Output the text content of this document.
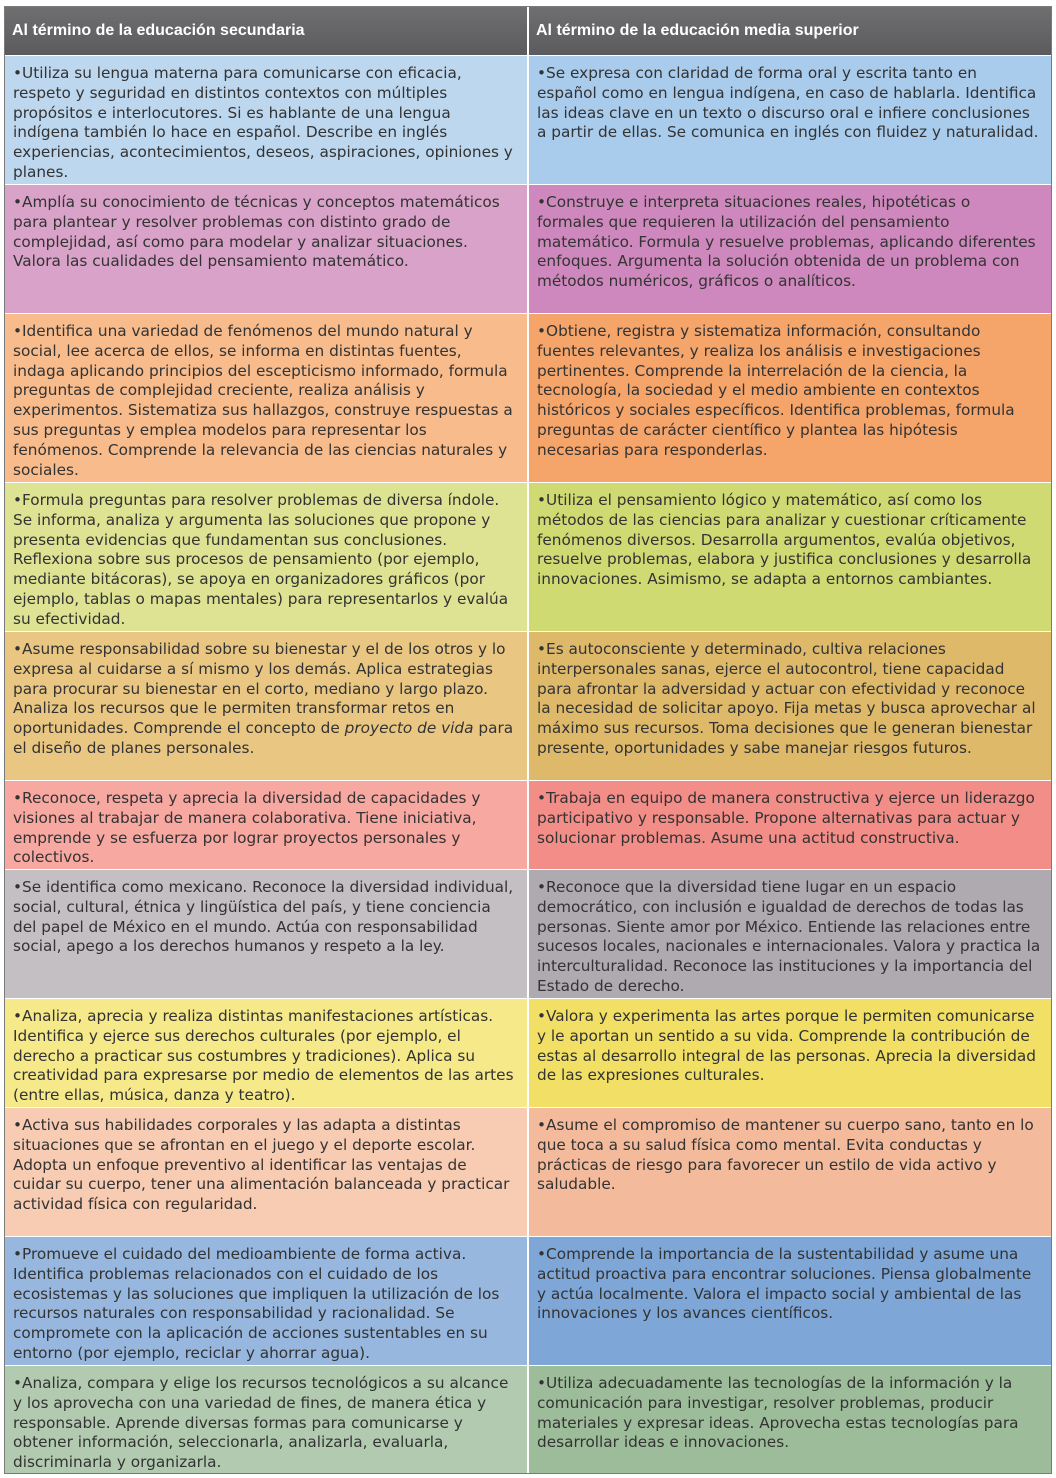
Al término de la educación secundaria	Al término de la educación media superior
•Utiliza su lengua materna para comunicarse con eficacia, respeto y seguridad en distintos contextos con múltiples propósitos e interlocutores. Si es hablante de una lengua indígena también lo hace en español. Describe en inglés experiencias, acontecimientos, deseos, aspiraciones, opiniones y planes.
•Se expresa con claridad de forma oral y escrita tanto en español como en lengua indígena, en caso de hablarla. Identifica las ideas clave en un texto o discurso oral e infiere conclusiones a partir de ellas. Se comunica en inglés con fluidez y naturalidad.
•Amplía su conocimiento de técnicas y conceptos matemáticos para plantear y resolver problemas con distinto grado de complejidad, así como para modelar y analizar situaciones. Valora las cualidades del pensamiento matemático.
•Construye e interpreta situaciones reales, hipotéticas o formales que requieren la utilización del pensamiento matemático. Formula y resuelve problemas, aplicando diferentes enfoques. Argumenta la solución obtenida de un problema con métodos numéricos, gráficos o analíticos.
•Identifica una variedad de fenómenos del mundo natural y social, lee acerca de ellos, se informa en distintas fuentes, indaga aplicando principios del escepticismo informado, formula preguntas de complejidad creciente, realiza análisis y experimentos. Sistematiza sus hallazgos, construye respuestas a sus preguntas y emplea modelos para representar los fenómenos. Comprende la relevancia de las ciencias naturales y sociales.
•Obtiene, registra y sistematiza información, consultando fuentes relevantes, y realiza los análisis e investigaciones pertinentes. Comprende la interrelación de la ciencia, la tecnología, la sociedad y el medio ambiente en contextos históricos y sociales específicos. Identifica problemas, formula preguntas de carácter científico y plantea las hipótesis necesarias para responderlas.
•Formula preguntas para resolver problemas de diversa índole. Se informa, analiza y argumenta las soluciones que propone y presenta evidencias que fundamentan sus conclusiones. Reflexiona sobre sus procesos de pensamiento (por ejemplo, mediante bitácoras), se apoya en organizadores gráficos (por ejemplo, tablas o mapas mentales) para representarlos y evalúa su efectividad.
•Utiliza el pensamiento lógico y matemático, así como los métodos de las ciencias para analizar y cuestionar críticamente fenómenos diversos. Desarrolla argumentos, evalúa objetivos, resuelve problemas, elabora y justifica conclusiones y desarrolla innovaciones. Asimismo, se adapta a entornos cambiantes.
•Asume responsabilidad sobre su bienestar y el de los otros y lo expresa al cuidarse a sí mismo y los demás. Aplica estrategias para procurar su bienestar en el corto, mediano y largo plazo. Analiza los recursos que le permiten transformar retos en oportunidades. Comprende el concepto de proyecto de vida para el diseño de planes personales.
•Es autoconsciente y determinado, cultiva relaciones interpersonales sanas, ejerce el autocontrol, tiene capacidad para afrontar la adversidad y actuar con efectividad y reconoce la necesidad de solicitar apoyo. Fija metas y busca aprovechar al máximo sus recursos. Toma decisiones que le generan bienestar presente, oportunidades y sabe manejar riesgos futuros.
•Reconoce, respeta y aprecia la diversidad de capacidades y visiones al trabajar de manera colaborativa. Tiene iniciativa, emprende y se esfuerza por lograr proyectos personales y colectivos.
•Trabaja en equipo de manera constructiva y ejerce un liderazgo participativo y responsable. Propone alternativas para actuar y solucionar problemas. Asume una actitud constructiva.
•Se identifica como mexicano. Reconoce la diversidad individual, social, cultural, étnica y lingüística del país, y tiene conciencia del papel de México en el mundo. Actúa con responsabilidad social, apego a los derechos humanos y respeto a la ley.
•Reconoce que la diversidad tiene lugar en un espacio democrático, con inclusión e igualdad de derechos de todas las personas. Siente amor por México. Entiende las relaciones entre sucesos locales, nacionales e internacionales. Valora y practica la interculturalidad. Reconoce las instituciones y la importancia del Estado de derecho.
•Analiza, aprecia y realiza distintas manifestaciones artísticas. Identifica y ejerce sus derechos culturales (por ejemplo, el derecho a practicar sus costumbres y tradiciones). Aplica su creatividad para expresarse por medio de elementos de las artes (entre ellas, música, danza y teatro).
•Valora y experimenta las artes porque le permiten comunicarse y le aportan un sentido a su vida. Comprende la contribución de estas al desarrollo integral de las personas. Aprecia la diversidad de las expresiones culturales.
•Activa sus habilidades corporales y las adapta a distintas situaciones que se afrontan en el juego y el deporte escolar. Adopta un enfoque preventivo al identificar las ventajas de cuidar su cuerpo, tener una alimentación balanceada y practicar actividad física con regularidad.
•Asume el compromiso de mantener su cuerpo sano, tanto en lo que toca a su salud física como mental. Evita conductas y prácticas de riesgo para favorecer un estilo de vida activo y saludable.
•Promueve el cuidado del medioambiente de forma activa. Identifica problemas relacionados con el cuidado de los ecosistemas y las soluciones que impliquen la utilización de los recursos naturales con responsabilidad y racionalidad. Se compromete con la aplicación de acciones sustentables en su entorno (por ejemplo, reciclar y ahorrar agua).
•Comprende la importancia de la sustentabilidad y asume una actitud proactiva para encontrar soluciones. Piensa globalmente y actúa localmente. Valora el impacto social y ambiental de las innovaciones y los avances científicos.
•Analiza, compara y elige los recursos tecnológicos a su alcance y los aprovecha con una variedad de fines, de manera ética y responsable. Aprende diversas formas para comunicarse y obtener información, seleccionarla, analizarla, evaluarla, discriminarla y organizarla.
•Utiliza adecuadamente las tecnologías de la información y la comunicación para investigar, resolver problemas, producir materiales y expresar ideas. Aprovecha estas tecnologías para desarrollar ideas e innovaciones.
